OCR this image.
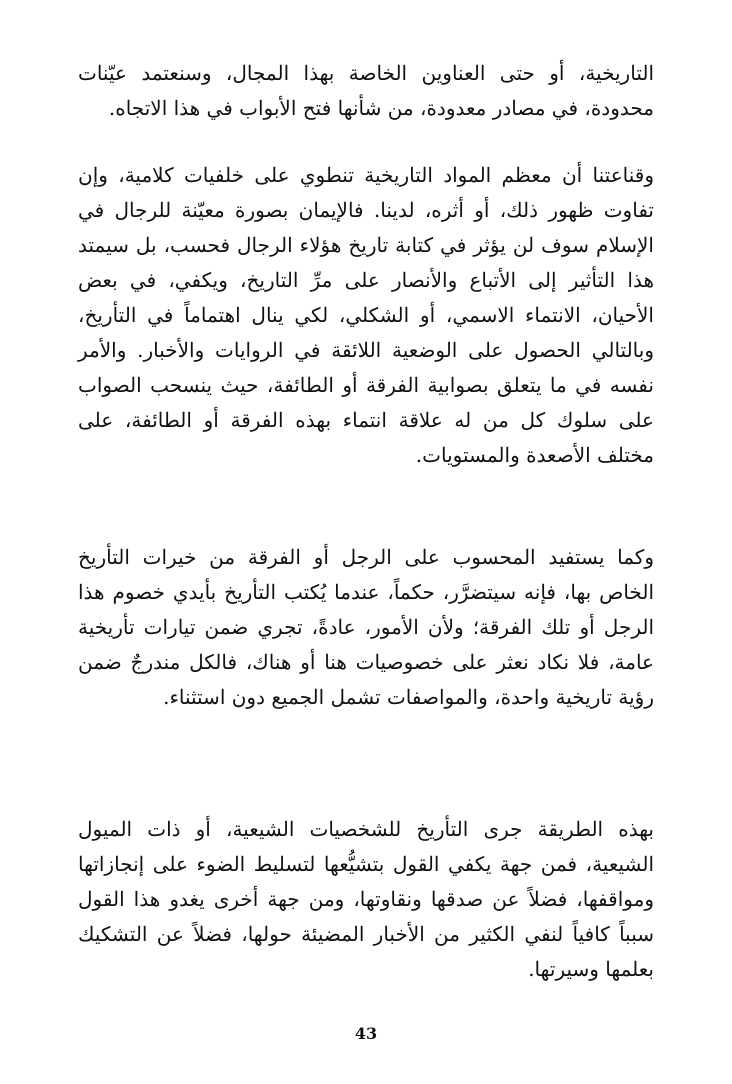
التاريخية، أو حتى العناوين الخاصة بهذا المجال، وسنعتمد عيّنات محدودة، في مصادر معدودة، من شأنها فتح الأبواب في هذا الاتجاه.

وقناعتنا أن معظم المواد التاريخية تنطوي على خلفيات كلامية، وإن تفاوت ظهور ذلك، أو أثره، لدينا. فالإيمان بصورة معيّنة للرجال في الإسلام سوف لن يؤثر في كتابة تاريخ هؤلاء الرجال فحسب، بل سيمتد هذا التأثير إلى الأتباع والأنصار على مرِّ التاريخ، ويكفي، في بعض الأحيان، الانتماء الاسمي، أو الشكلي، لكي ينال اهتماماً في التأريخ، وبالتالي الحصول على الوضعية اللائقة في الروايات والأخبار. والأمر نفسه في ما يتعلق بصوابية الفرقة أو الطائفة، حيث ينسحب الصواب على سلوك كل من له علاقة انتماء بهذه الفرقة أو الطائفة، على مختلف الأصعدة والمستويات.

وكما يستفيد المحسوب على الرجل أو الفرقة من خيرات التأريخ الخاص بها، فإنه سيتضرَّر، حكماً، عندما يُكتب التأريخ بأيدي خصوم هذا الرجل أو تلك الفرقة؛ ولأن الأمور، عادةً، تجري ضمن تيارات تأريخية عامة، فلا نكاد نعثر على خصوصيات هنا أو هناك، فالكل مندرجٌ ضمن رؤية تاريخية واحدة، والمواصفات تشمل الجميع دون استثناء.

بهذه الطريقة جرى التأريخ للشخصيات الشيعية، أو ذات الميول الشيعية، فمن جهة يكفي القول بتشيُّعها لتسليط الضوء على إنجازاتها ومواقفها، فضلاً عن صدقها ونقاوتها، ومن جهة أخرى يغدو هذا القول سبباً كافياً لنفي الكثير من الأخبار المضيئة حولها، فضلاً عن التشكيك بعلمها وسيرتها.

43
